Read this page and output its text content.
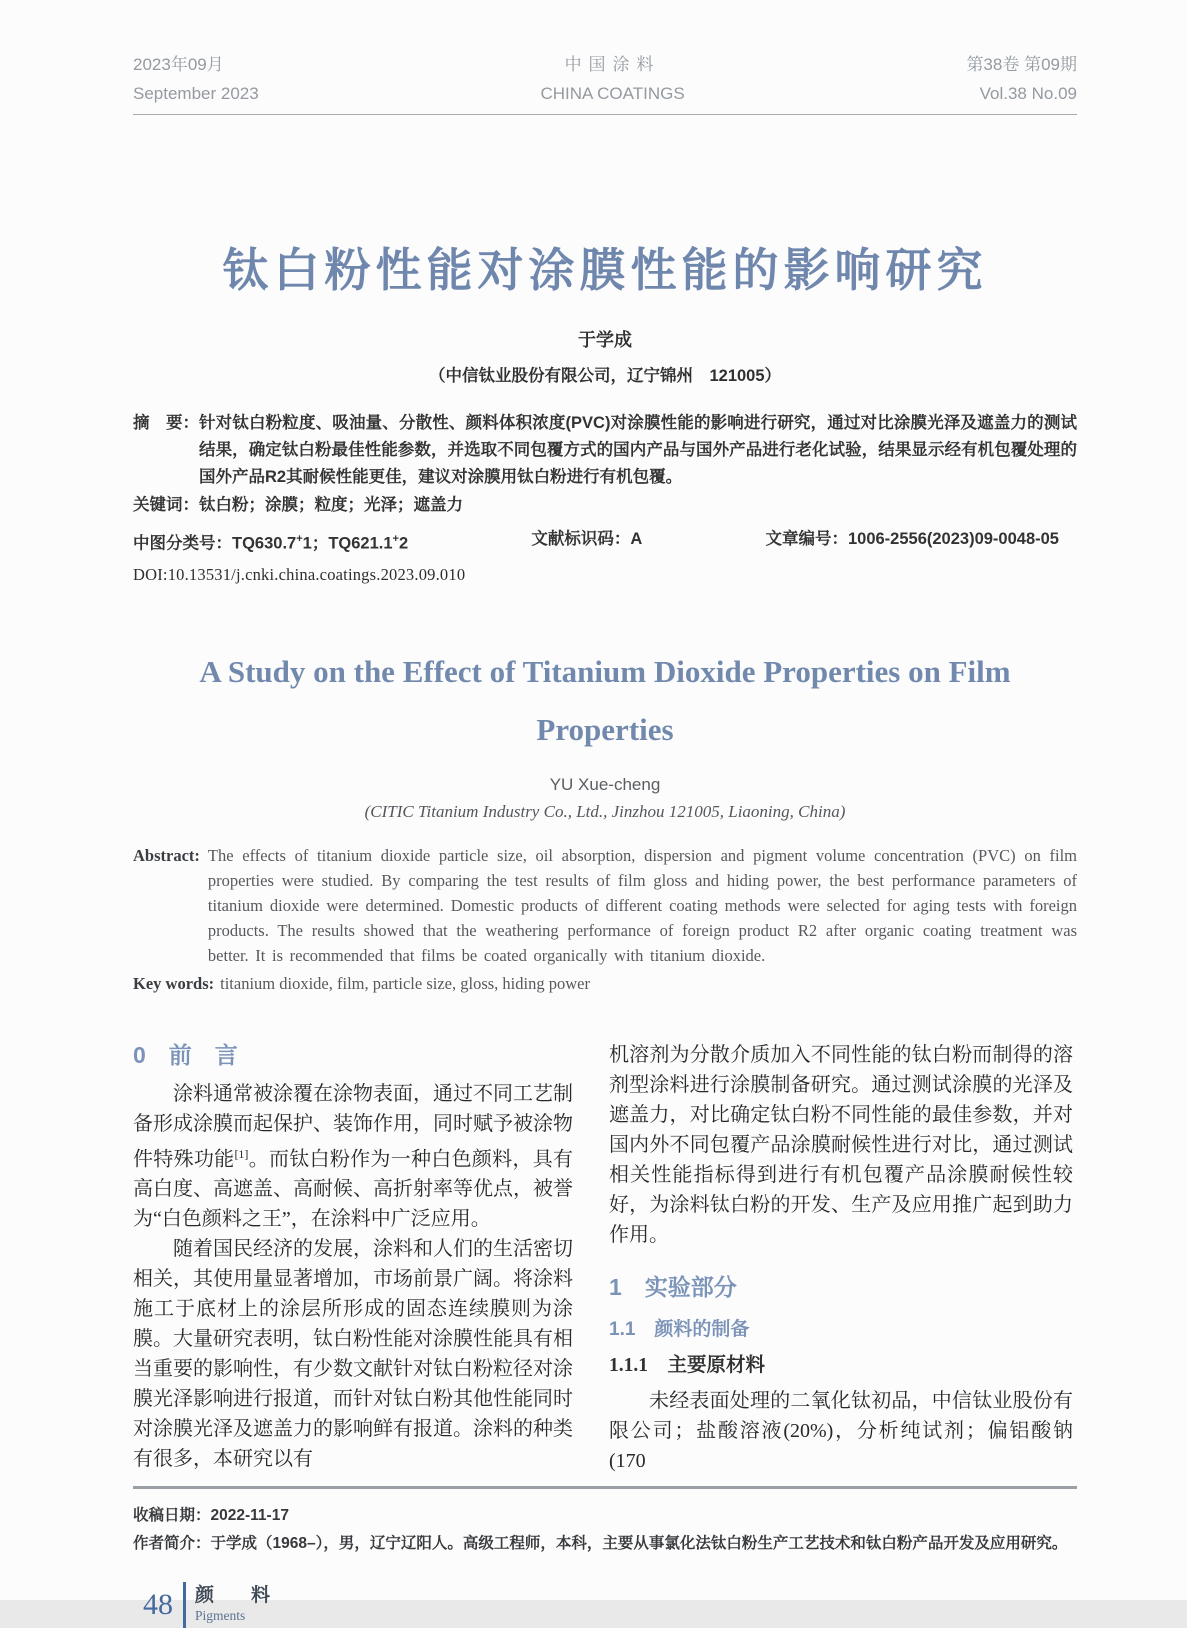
2023年09月
September 2023
中国涂料
CHINA COATINGS
第38卷 第09期
Vol.38 No.09
钛白粉性能对涂膜性能的影响研究
于学成
（中信钛业股份有限公司，辽宁锦州　121005）
摘　要： 针对钛白粉粒度、吸油量、分散性、颜料体积浓度(PVC)对涂膜性能的影响进行研究，通过对比涂膜光泽及遮盖力的测试结果，确定钛白粉最佳性能参数，并选取不同包覆方式的国内产品与国外产品进行老化试验，结果显示经有机包覆处理的国外产品R2其耐候性能更佳，建议对涂膜用钛白粉进行有机包覆。
关键词： 钛白粉；涂膜；粒度；光泽；遮盖力
中图分类号：TQ630.7+1；TQ621.1+2	文献标识码：A	文章编号：1006-2556(2023)09-0048-05
DOI:10.13531/j.cnki.china.coatings.2023.09.010
A Study on the Effect of Titanium Dioxide Properties on Film Properties
YU Xue-cheng
(CITIC Titanium Industry Co., Ltd., Jinzhou 121005, Liaoning, China)
Abstract: The effects of titanium dioxide particle size, oil absorption, dispersion and pigment volume concentration (PVC) on film properties were studied. By comparing the test results of film gloss and hiding power, the best performance parameters of titanium dioxide were determined. Domestic products of different coating methods were selected for aging tests with foreign products. The results showed that the weathering performance of foreign product R2 after organic coating treatment was better. It is recommended that films be coated organically with titanium dioxide.
Key words: titanium dioxide, film, particle size, gloss, hiding power
0　前　言

涂料通常被涂覆在涂物表面，通过不同工艺制备形成涂膜而起保护、装饰作用，同时赋予被涂物件特殊功能[1]。而钛白粉作为一种白色颜料，具有高白度、高遮盖、高耐候、高折射率等优点，被誉为“白色颜料之王”，在涂料中广泛应用。

随着国民经济的发展，涂料和人们的生活密切相关，其使用量显著增加，市场前景广阔。将涂料施工于底材上的涂层所形成的固态连续膜则为涂膜。大量研究表明，钛白粉性能对涂膜性能具有相当重要的影响性，有少数文献针对钛白粉粒径对涂膜光泽影响进行报道，而针对钛白粉其他性能同时对涂膜光泽及遮盖力的影响鲜有报道。涂料的种类有很多，本研究以有

机溶剂为分散介质加入不同性能的钛白粉而制得的溶剂型涂料进行涂膜制备研究。通过测试涂膜的光泽及遮盖力，对比确定钛白粉不同性能的最佳参数，并对国内外不同包覆产品涂膜耐候性进行对比，通过测试相关性能指标得到进行有机包覆产品涂膜耐候性较好，为涂料钛白粉的开发、生产及应用推广起到助力作用。

1　实验部分
1.1　颜料的制备
1.1.1　主要原材料

未经表面处理的二氧化钛初品，中信钛业股份有限公司；盐酸溶液(20%)，分析纯试剂；偏铝酸钠(170

收稿日期：2022-11-17
作者简介：于学成（1968–），男，辽宁辽阳人。高级工程师，本科，主要从事氯化法钛白粉生产工艺技术和钛白粉产品开发及应用研究。
48 颜　料
Pigments
